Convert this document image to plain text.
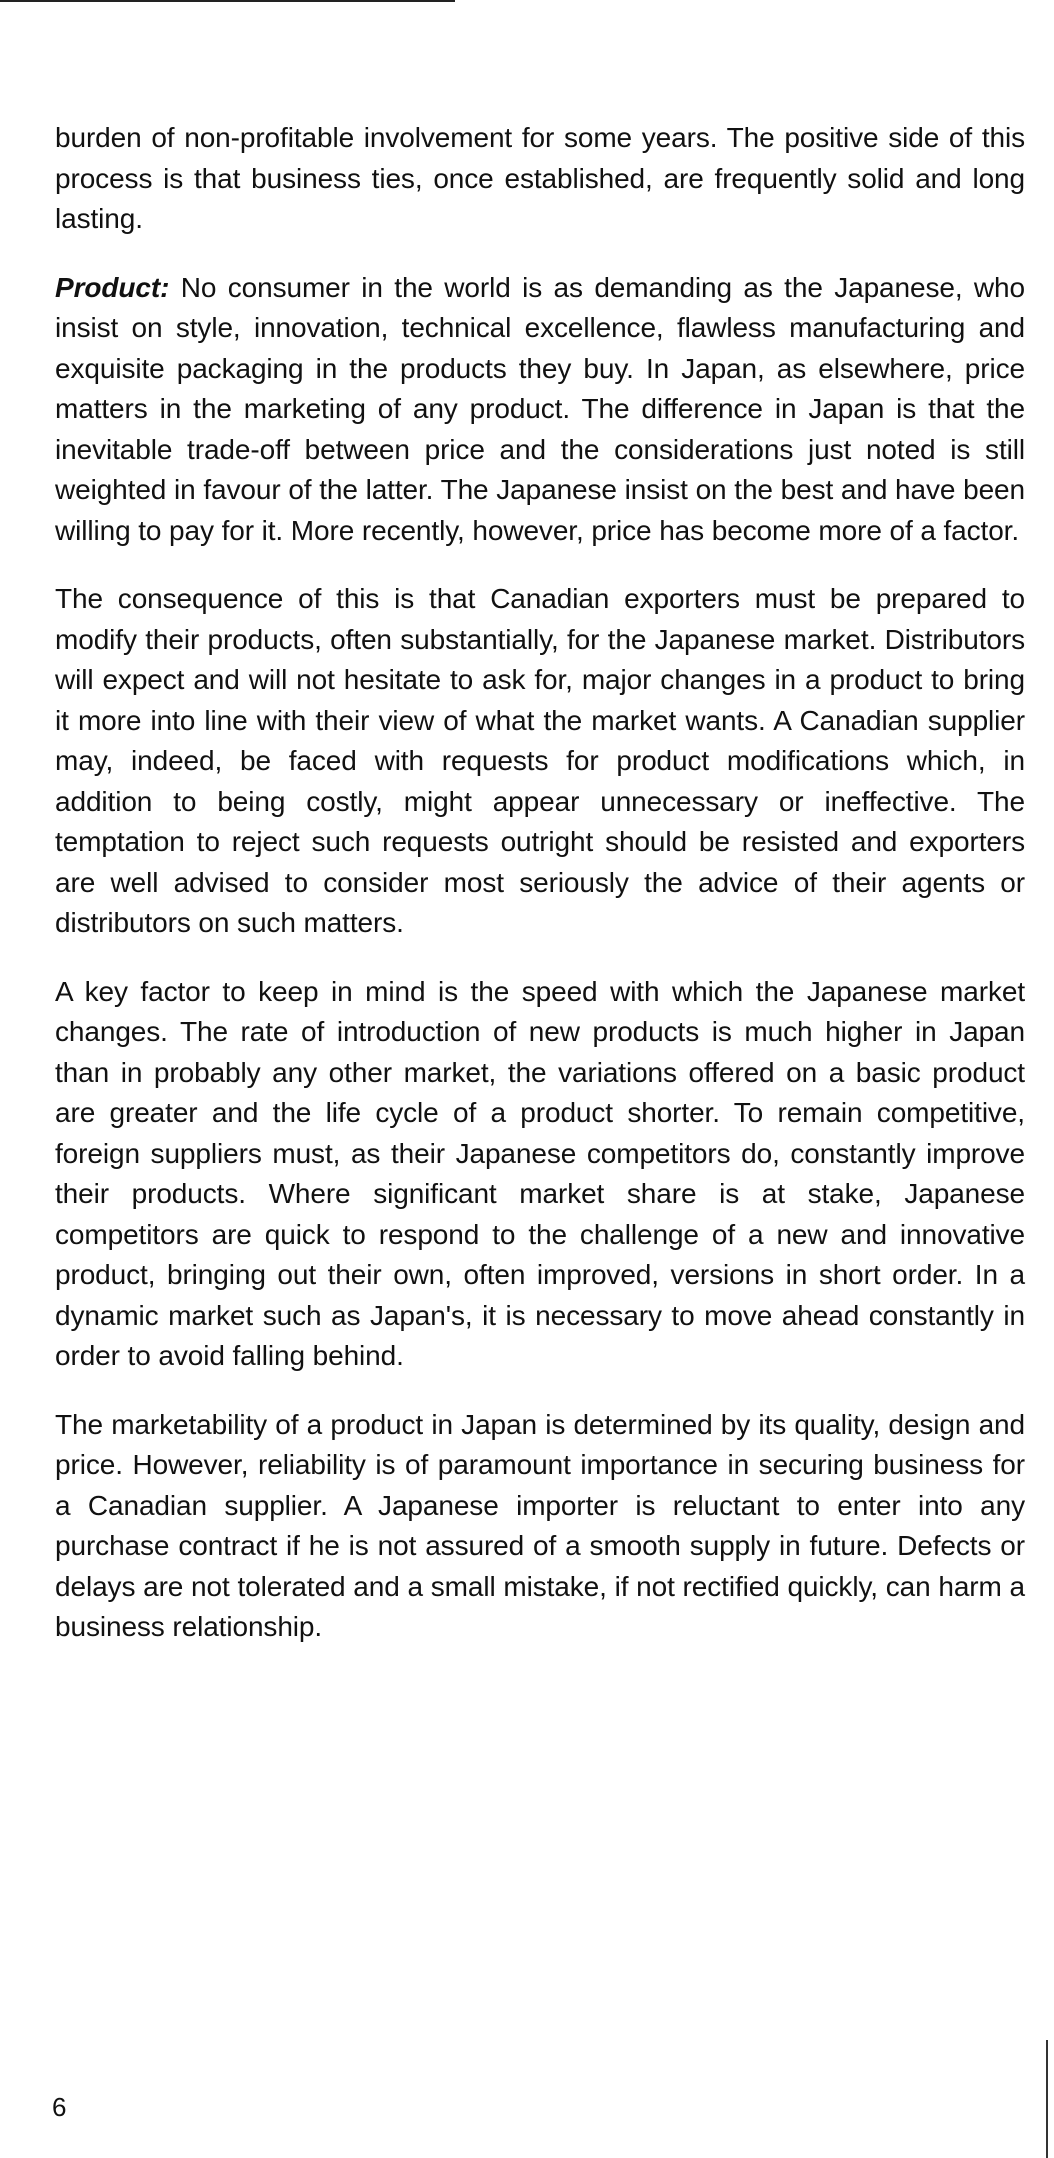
burden of non-profitable involvement for some years. The positive side of this process is that business ties, once established, are frequently solid and long lasting.

Product: No consumer in the world is as demanding as the Japanese, who insist on style, innovation, technical excellence, flawless manufacturing and exquisite packaging in the products they buy. In Japan, as elsewhere, price matters in the marketing of any product. The difference in Japan is that the inevitable trade-off between price and the considerations just noted is still weighted in favour of the latter. The Japanese insist on the best and have been willing to pay for it. More recently, however, price has become more of a factor.

The consequence of this is that Canadian exporters must be prepared to modify their products, often substantially, for the Japanese market. Distributors will expect and will not hesitate to ask for, major changes in a product to bring it more into line with their view of what the market wants. A Canadian supplier may, indeed, be faced with requests for product modifications which, in addition to being costly, might appear unnecessary or ineffective. The temptation to reject such requests outright should be resisted and exporters are well advised to consider most seriously the advice of their agents or distributors on such matters.

A key factor to keep in mind is the speed with which the Japanese market changes. The rate of introduction of new products is much higher in Japan than in probably any other market, the variations offered on a basic product are greater and the life cycle of a product shorter. To remain competitive, foreign suppliers must, as their Japanese competitors do, constantly improve their products. Where significant market share is at stake, Japanese competitors are quick to respond to the challenge of a new and innovative product, bringing out their own, often improved, versions in short order. In a dynamic market such as Japan's, it is necessary to move ahead constantly in order to avoid falling behind.

The marketability of a product in Japan is determined by its quality, design and price. However, reliability is of paramount importance in securing business for a Canadian supplier. A Japanese importer is reluctant to enter into any purchase contract if he is not assured of a smooth supply in future. Defects or delays are not tolerated and a small mistake, if not rectified quickly, can harm a business relationship.

6
